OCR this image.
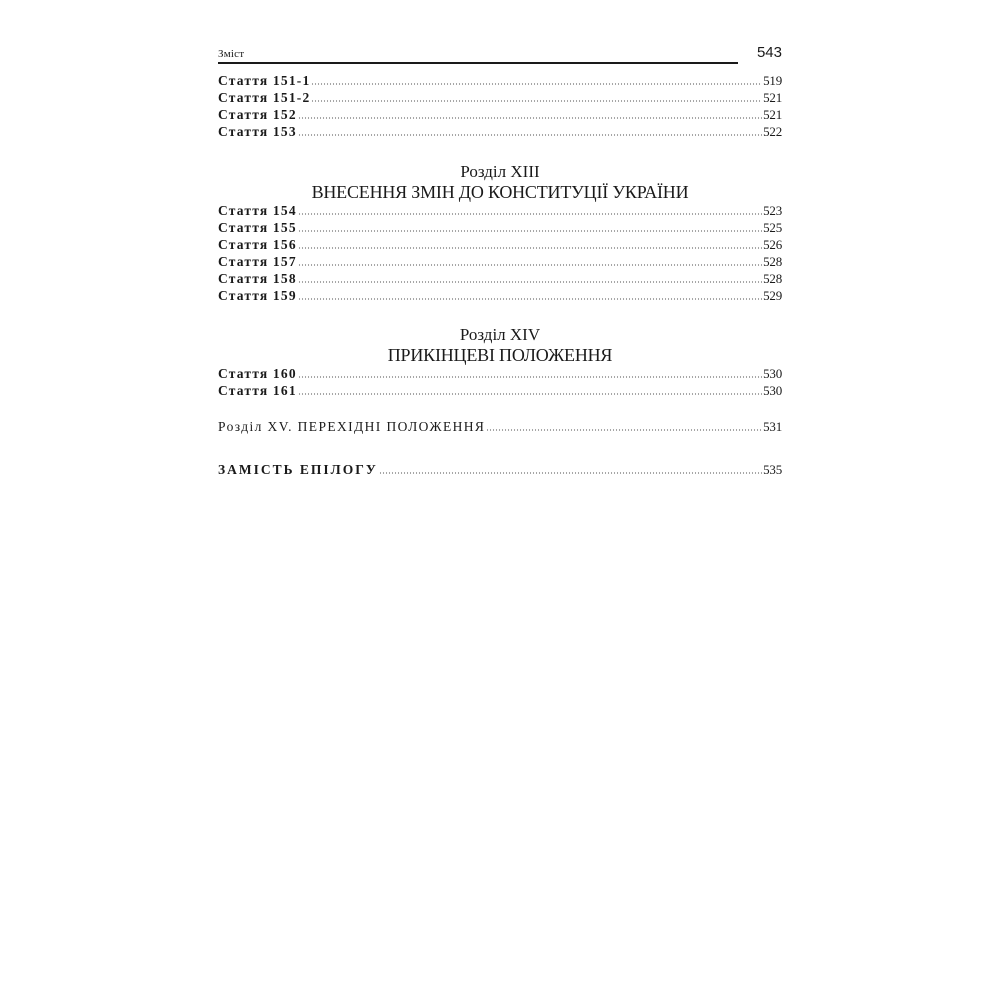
Зміст	543
Стаття 151-1	519
Стаття 151-2	521
Стаття 152	521
Стаття 153	522
Розділ XIII
ВНЕСЕННЯ ЗМІН ДО КОНСТИТУЦІЇ УКРАЇНИ
Стаття 154	523
Стаття 155	525
Стаття 156	526
Стаття 157	528
Стаття 158	528
Стаття 159	529
Розділ XIV
ПРИКІНЦЕВІ ПОЛОЖЕННЯ
Стаття 160	530
Стаття 161	530
Розділ XV. ПЕРЕХІДНІ ПОЛОЖЕННЯ	531
ЗАМІСТЬ ЕПІЛОГУ	535
